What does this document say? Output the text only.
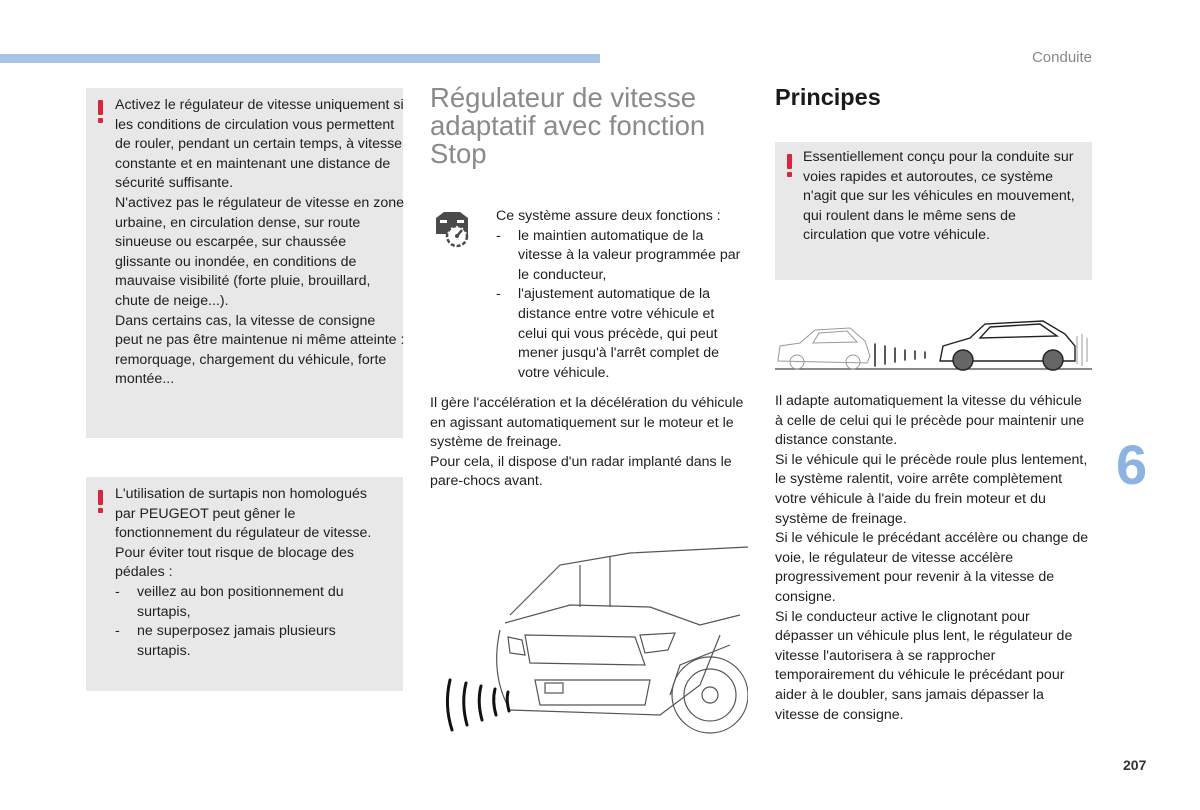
Conduite

Activez le régulateur de vitesse uniquement si les conditions de circulation vous permettent de rouler, pendant un certain temps, à vitesse constante et en maintenant une distance de sécurité suffisante.

N'activez pas le régulateur de vitesse en zone urbaine, en circulation dense, sur route sinueuse ou escarpée, sur chaussée glissante ou inondée, en conditions de mauvaise visibilité (forte pluie, brouillard, chute de neige...).

Dans certains cas, la vitesse de consigne peut ne pas être maintenue ni même atteinte : remorquage, chargement du véhicule, forte montée...

L'utilisation de surtapis non homologués par PEUGEOT peut gêner le fonctionnement du régulateur de vitesse.

Pour éviter tout risque de blocage des pédales :

- veillez au bon positionnement du surtapis,
- ne superposez jamais plusieurs surtapis.
Régulateur de vitesse adaptatif avec fonction Stop

Ce système assure deux fonctions :

- le maintien automatique de la vitesse à la valeur programmée par le conducteur,
- l'ajustement automatique de la distance entre votre véhicule et celui qui vous précède, qui peut mener jusqu'à l'arrêt complet de votre véhicule.

Il gère l'accélération et la décélération du véhicule en agissant automatiquement sur le moteur et le système de freinage.

Pour cela, il dispose d'un radar implanté dans le pare-chocs avant.

Principes

Essentiellement conçu pour la conduite sur voies rapides et autoroutes, ce système n'agit que sur les véhicules en mouvement, qui roulent dans le même sens de circulation que votre véhicule.

Il adapte automatiquement la vitesse du véhicule à celle de celui qui le précède pour maintenir une distance constante.

Si le véhicule qui le précède roule plus lentement, le système ralentit, voire arrête complètement votre véhicule à l'aide du frein moteur et du système de freinage.

Si le véhicule le précédant accélère ou change de voie, le régulateur de vitesse accélère progressivement pour revenir à la vitesse de consigne.

Si le conducteur active le clignotant pour dépasser un véhicule plus lent, le régulateur de vitesse l'autorisera à se rapprocher temporairement du véhicule le précédant pour aider à le doubler, sans jamais dépasser la vitesse de consigne.

6
207
